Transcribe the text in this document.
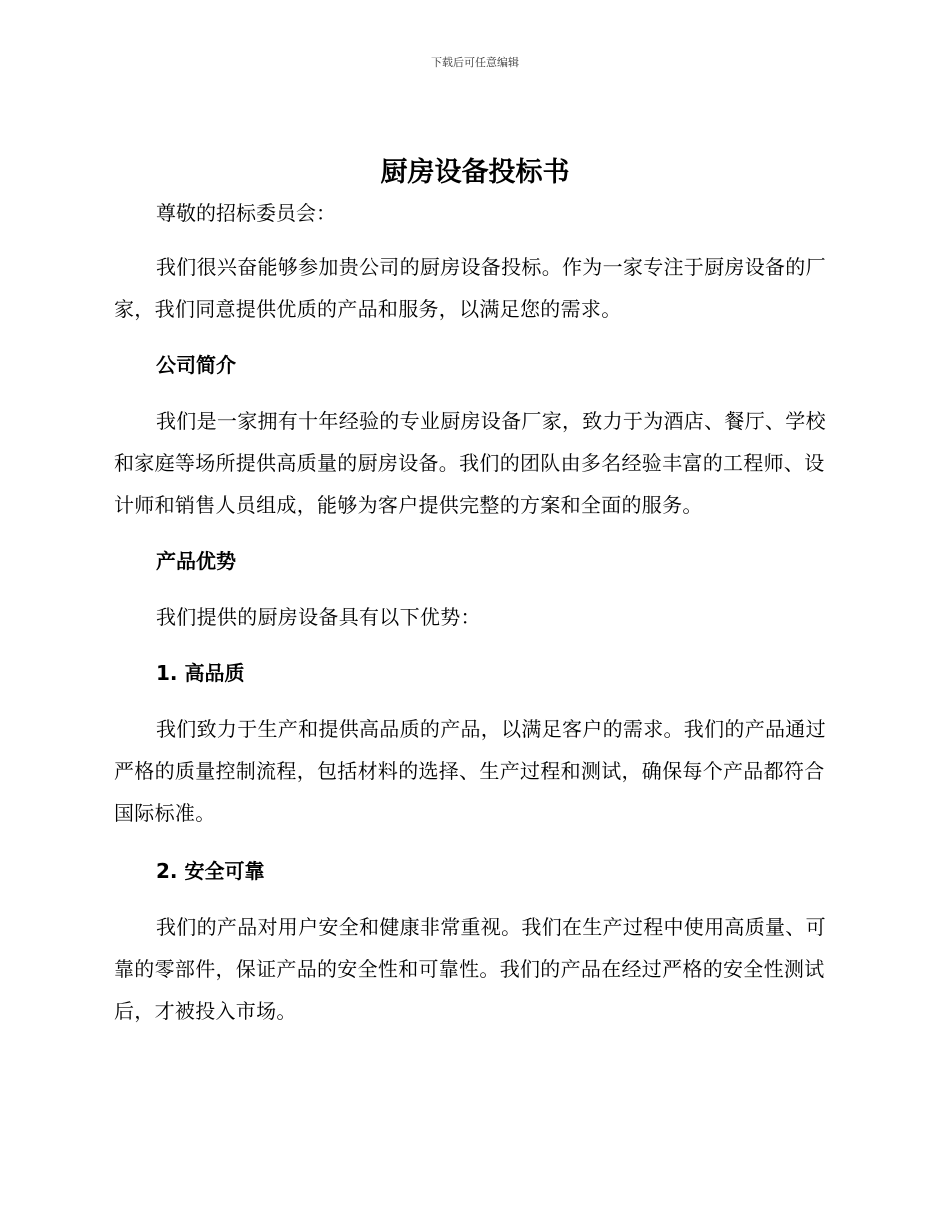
下载后可任意编辑
厨房设备投标书

尊敬的招标委员会：

我们很兴奋能够参加贵公司的厨房设备投标。作为一家专注于厨房设备的厂家，我们同意提供优质的产品和服务，以满足您的需求。

公司简介

我们是一家拥有十年经验的专业厨房设备厂家，致力于为酒店、餐厅、学校和家庭等场所提供高质量的厨房设备。我们的团队由多名经验丰富的工程师、设计师和销售人员组成，能够为客户提供完整的方案和全面的服务。

产品优势

我们提供的厨房设备具有以下优势：

1. 高品质

我们致力于生产和提供高品质的产品，以满足客户的需求。我们的产品通过严格的质量控制流程，包括材料的选择、生产过程和测试，确保每个产品都符合国际标准。

2. 安全可靠

我们的产品对用户安全和健康非常重视。我们在生产过程中使用高质量、可靠的零部件，保证产品的安全性和可靠性。我们的产品在经过严格的安全性测试后，才被投入市场。
